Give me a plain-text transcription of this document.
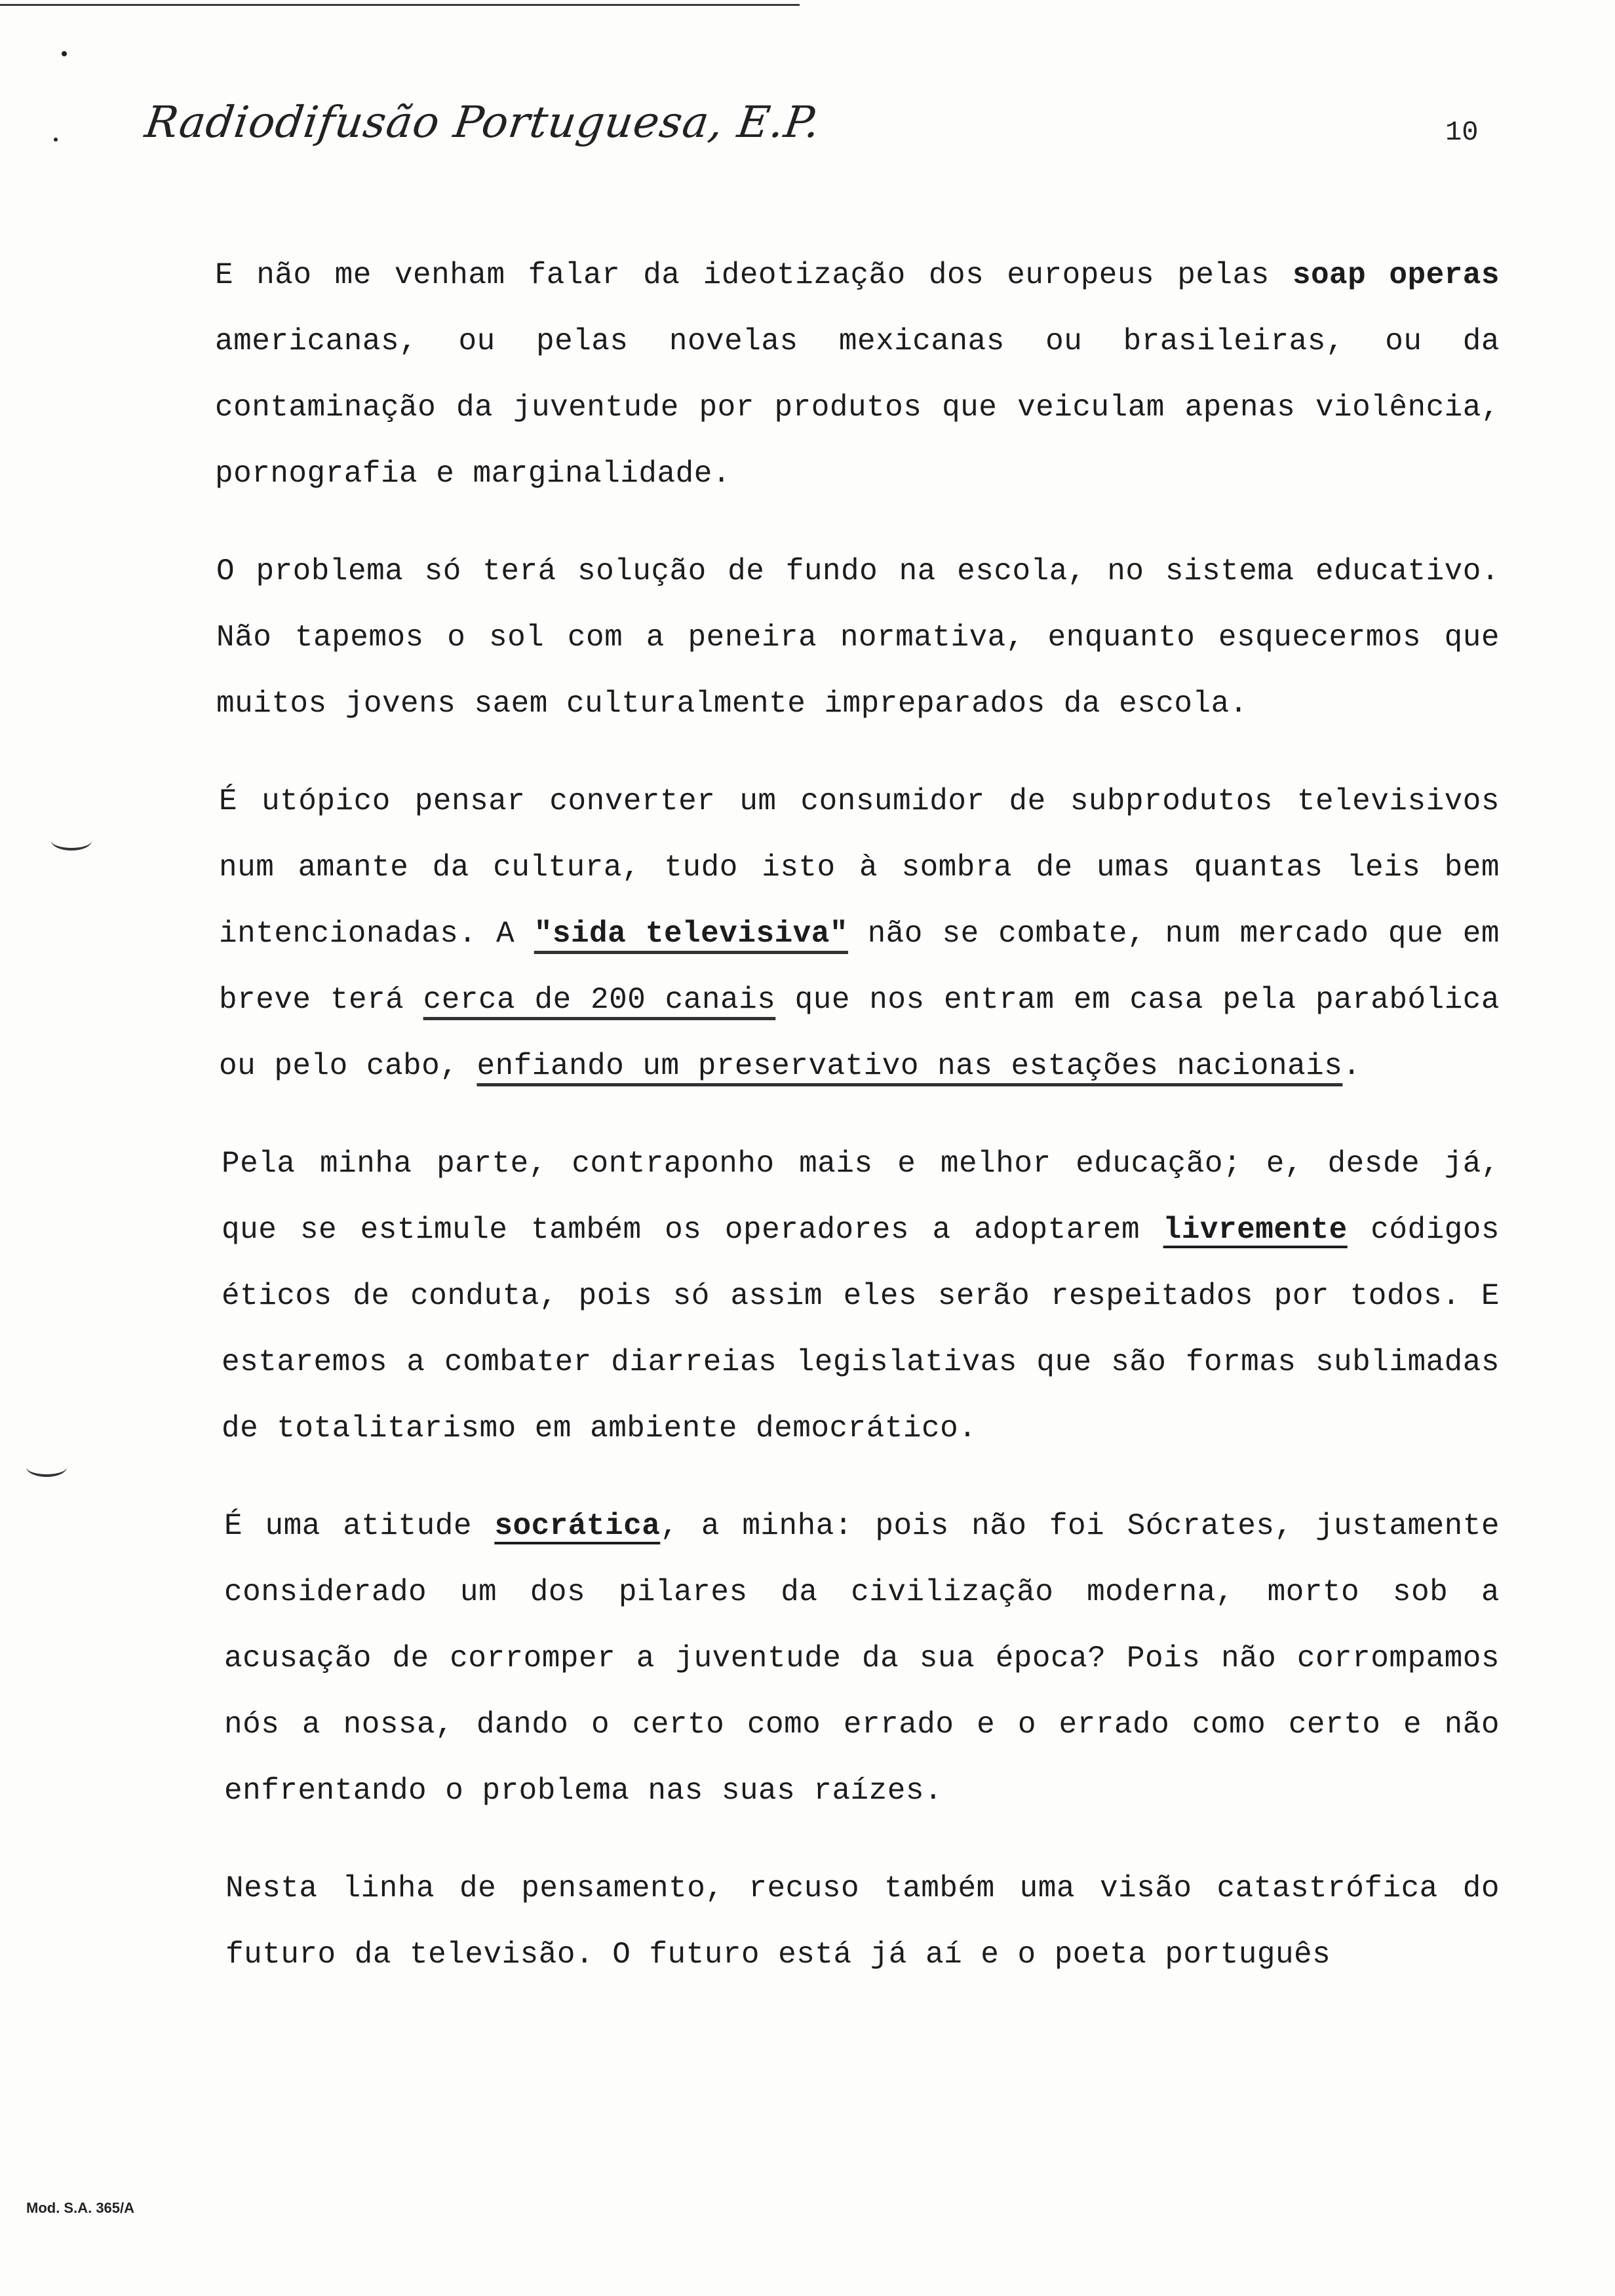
Radiodifusão Portuguesa, E.P.	10

E não me venham falar da ideotização dos europeus pelas soap operas americanas, ou pelas novelas mexicanas ou brasileiras, ou da contaminação da juventude por produtos que veiculam apenas violência, pornografia e marginalidade.

O problema só terá solução de fundo na escola, no sistema educativo. Não tapemos o sol com a peneira normativa, enquanto esquecermos que muitos jovens saem culturalmente impreparados da escola.

É utópico pensar converter um consumidor de subprodutos televisivos num amante da cultura, tudo isto à sombra de umas quantas leis bem intencionadas. A "sida televisiva" não se combate, num mercado que em breve terá cerca de 200 canais que nos entram em casa pela parabólica ou pelo cabo, enfiando um preservativo nas estações nacionais.

Pela minha parte, contraponho mais e melhor educação; e, desde já, que se estimule também os operadores a adoptarem livremente códigos éticos de conduta, pois só assim eles serão respeitados por todos. E estaremos a combater diarreias legislativas que são formas sublimadas de totalitarismo em ambiente democrático.

É uma atitude socrática, a minha: pois não foi Sócrates, justamente considerado um dos pilares da civilização moderna, morto sob a acusação de corromper a juventude da sua época? Pois não corrompamos nós a nossa, dando o certo como errado e o errado como certo e não enfrentando o problema nas suas raízes.

Nesta linha de pensamento, recuso também uma visão catastrófica do futuro da televisão. O futuro está já aí e o poeta português

Mod. S.A. 365/A
